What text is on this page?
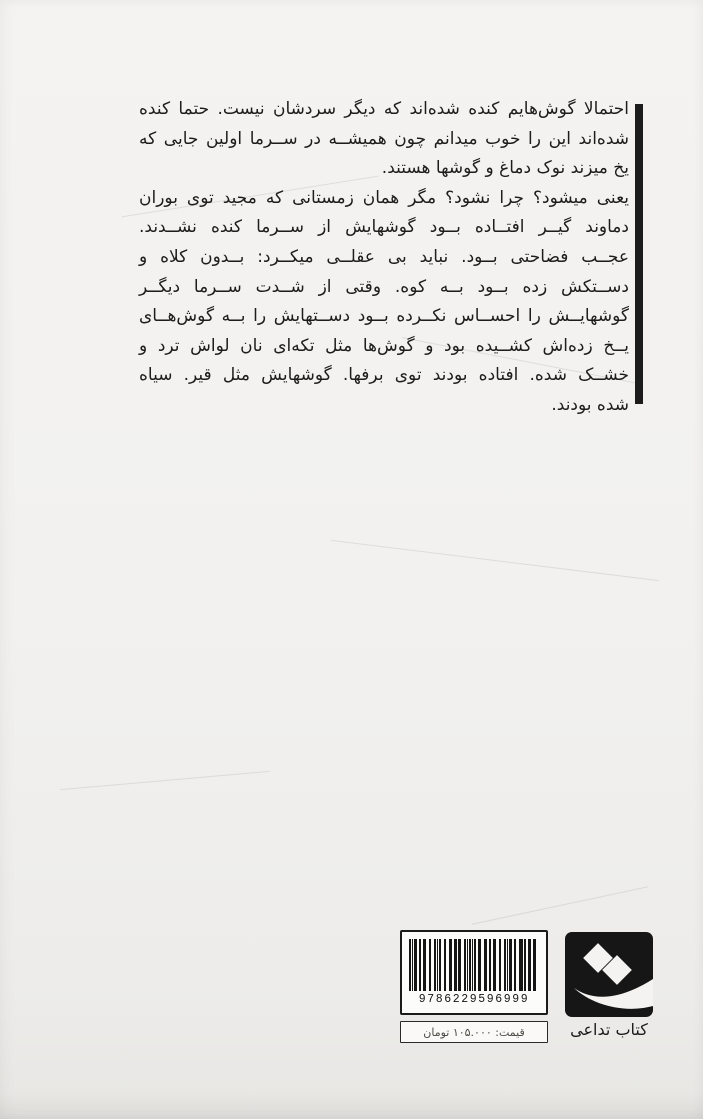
احتمالا گوش‌هایم کنده شده‌اند که دیگر سردشان نیست. حتما کنده

شده‌اند این را خوب میدانم چون همیشــه در ســرما اولین جایی که

یخ میزند نوک دماغ و گوشها هستند.

یعنی میشود؟ چرا نشود؟ مگر همان زمستانی که مجید توی بوران

دماوند گیــر افتــاده بــود گوشهایش از ســرما کنده نشــدند.

عجــب فضاحتی بــود. نباید بی عقلــی میکــرد: بــدون کلاه و

دســتکش زده بــود بــه کوه. وقتی از شــدت ســرما دیگــر

گوشهایــش را احســاس نکــرده بــود دســتهایش را بــه گوش‌هــای

یــخ زده‌اش کشــیده بود و گوش‌ها مثل تکه‌ای نان لواش ترد و

خشــک شده. افتاده بودند توی برفها. گوشهایش مثل قیر. سیاه

شده بودند.

9786229596999
قیمت: ۱۰۵.۰۰۰ تومان	کتاب تداعی
